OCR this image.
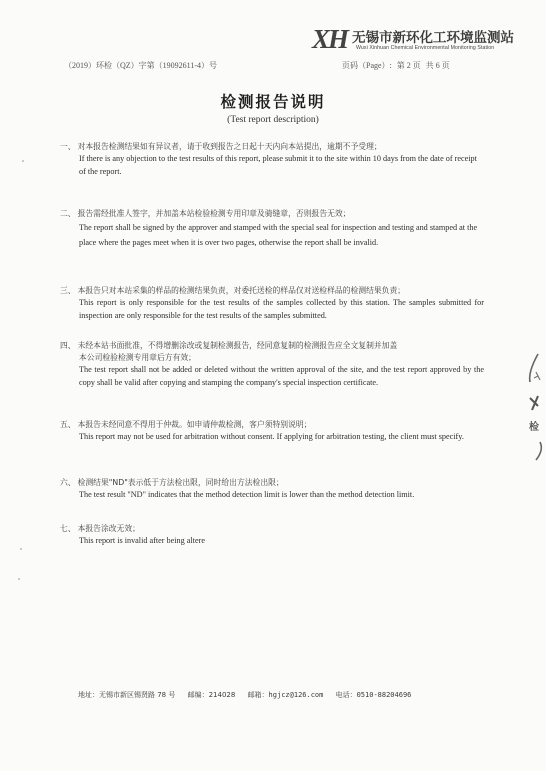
XH 无锡市新环化工环境监测站
Wuxi Xinhuan Chemical Environmental Monitoring Station
（2019）环检（QZ）字第（19092611-4）号	页码（Page）: 第 2 页 共 6 页
检测报告说明
(Test report description)
一、 对本报告检测结果如有异议者，请于收到报告之日起十天内向本站提出，逾期不予受理；
If there is any objection to the test results of this report, please submit it to the site within 10 days from the date of receipt of the report.
二、 报告需经批准人签字，并加盖本站检验检测专用印章及骑缝章，否则报告无效；
The report shall be signed by the approver and stamped with the special seal for inspection and testing and stamped at the place where the pages meet when it is over two pages, otherwise the report shall be invalid.
三、 本报告只对本站采集的样品的检测结果负责，对委托送检的样品仅对送检样品的检测结果负责；
This report is only responsible for the test results of the samples collected by this station. The samples submitted for inspection are only responsible for the test results of the samples submitted.
四、 未经本站书面批准，不得增删涂改或复制检测报告，经同意复制的检测报告应全文复制并加盖
本公司检验检测专用章后方有效；
The test report shall not be added or deleted without the written approval of the site, and the test report approved by the copy shall be valid after copying and stamping the company's special inspection certificate.
五、 本报告未经同意不得用于仲裁。如申请仲裁检测，客户须特别说明；
This report may not be used for arbitration without consent. If applying for arbitration testing, the client must specify.
六、 检测结果"ND"表示低于方法检出限，同时给出方法检出限；
The test result "ND" indicates that the method detection limit is lower than the method detection limit.
七、 本报告涂改无效；
This report is invalid after being altere
地址：无锡市新区锡贤路 78 号 邮编：214028 邮箱：hgjcz@126.com 电话：0510-88204696
检
